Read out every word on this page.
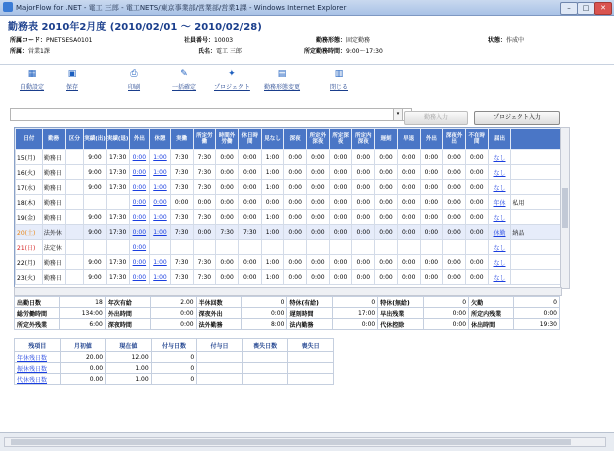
MajorFlow for .NET - 電工 三郎 - 電工NETS/東京事業部/営業部/営業1課 - Windows Internet Explorer	–	□	✕
勤務表 2010年2月度 (2010/02/01 ～ 2010/02/28)
所属コード：PNETSESA0101
所属：営業1課
社員番号：10003
氏名：電工 三郎
勤務形態：固定勤務
所定勤務時間：9:00～17:30
状態：作成中
▦
自動設定
▣
保存
⎙
印刷
✎
一括確定
✦
プロジェクト
▤
勤務形態変更
▥
閉じる
▾	勤務入力	プロジェクト入力
日付	勤務	区分	実績(出)	実績(退)	外出	休憩	実働	所定労働	時間外労働	休日時間	見なし	深夜	所定外深夜	所定深夜	所定内深夜	遅刻	早退	外出	深夜外出	不在時間	届出	
15(月)	勤務日		9:00	17:30	0:00	1:00	7:30	7:30	0:00	0:00	1:00	0:00	0:00	0:00	0:00	0:00	0:00	0:00	0:00	0:00	なし	
16(火)	勤務日		9:00	17:30	0:00	1:00	7:30	7:30	0:00	0:00	1:00	0:00	0:00	0:00	0:00	0:00	0:00	0:00	0:00	0:00	なし	
17(水)	勤務日		9:00	17:30	0:00	1:00	7:30	7:30	0:00	0:00	1:00	0:00	0:00	0:00	0:00	0:00	0:00	0:00	0:00	0:00	なし	
18(木)	勤務日				0:00	0:00	0:00	0:00	0:00	0:00	0:00	0:00	0:00	0:00	0:00	0:00	0:00	0:00	0:00	0:00	年休	私用
19(金)	勤務日		9:00	17:30	0:00	1:00	7:30	7:30	0:00	0:00	1:00	0:00	0:00	0:00	0:00	0:00	0:00	0:00	0:00	0:00	なし	
20(土)	法外休		9:00	17:30	0:00	1:00	7:30	0:00	7:30	7:30	1:00	0:00	0:00	0:00	0:00	0:00	0:00	0:00	0:00	0:00	休勤	納品
21(日)	法定休				0:00																なし	
22(月)	勤務日		9:00	17:30	0:00	1:00	7:30	7:30	0:00	0:00	1:00	0:00	0:00	0:00	0:00	0:00	0:00	0:00	0:00	0:00	なし	
23(火)	勤務日		9:00	17:30	0:00	1:00	7:30	7:30	0:00	0:00	1:00	0:00	0:00	0:00	0:00	0:00	0:00	0:00	0:00	0:00	なし	
出勤日数	18	年次有給	2.00	半休回数	0	特休(有給)	0	特休(無給)	0	欠勤	0
総労働時間	134:00	外出時間	0:00	深夜外出	0:00	遅刻時間	17:00	早出残業	0:00	所定内残業	0:00
所定外残業	6:00	深夜時間	0:00	法外勤務	8:00	法内勤務	0:00	代休控除	0:00	休出時間	19:30
残項目	月初値	現在値	付与日数	付与日	喪失日数	喪失日
年休残日数	20.00	12.00	0			
振休残日数	0.00	1.00	0			
代休残日数	0.00	1.00	0			
